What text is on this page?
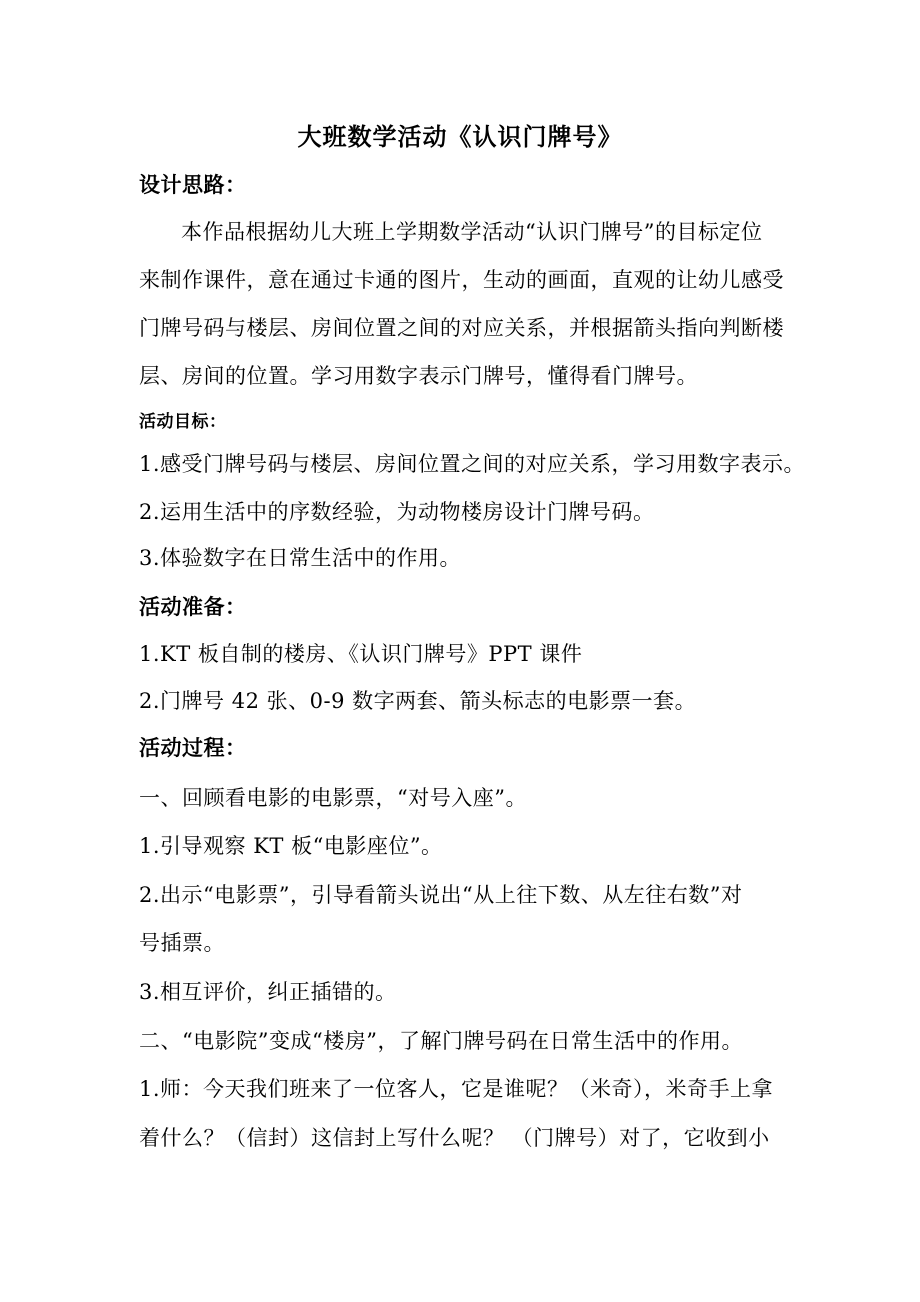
大班数学活动《认识门牌号》
设计思路：
本作品根据幼儿大班上学期数学活动“认识门牌号”的目标定位
来制作课件，意在通过卡通的图片，生动的画面，直观的让幼儿感受
门牌号码与楼层、房间位置之间的对应关系，并根据箭头指向判断楼
层、房间的位置。学习用数字表示门牌号，懂得看门牌号。
活动目标：
1.感受门牌号码与楼层、房间位置之间的对应关系，学习用数字表示。
2.运用生活中的序数经验，为动物楼房设计门牌号码。
3.体验数字在日常生活中的作用。
活动准备：
1.KT 板自制的楼房、《认识门牌号》PPT 课件
2.门牌号 42 张、0-9 数字两套、箭头标志的电影票一套。
活动过程：
一、回顾看电影的电影票，“对号入座”。
1.引导观察 KT 板“电影座位”。
2.出示“电影票”，引导看箭头说出“从上往下数、从左往右数”对
号插票。
3.相互评价，纠正插错的。
二、“电影院”变成“楼房”，了解门牌号码在日常生活中的作用。
1.师：今天我们班来了一位客人，它是谁呢？（米奇），米奇手上拿
着什么？（信封）这信封上写什么呢？ （门牌号）对了，它收到小
